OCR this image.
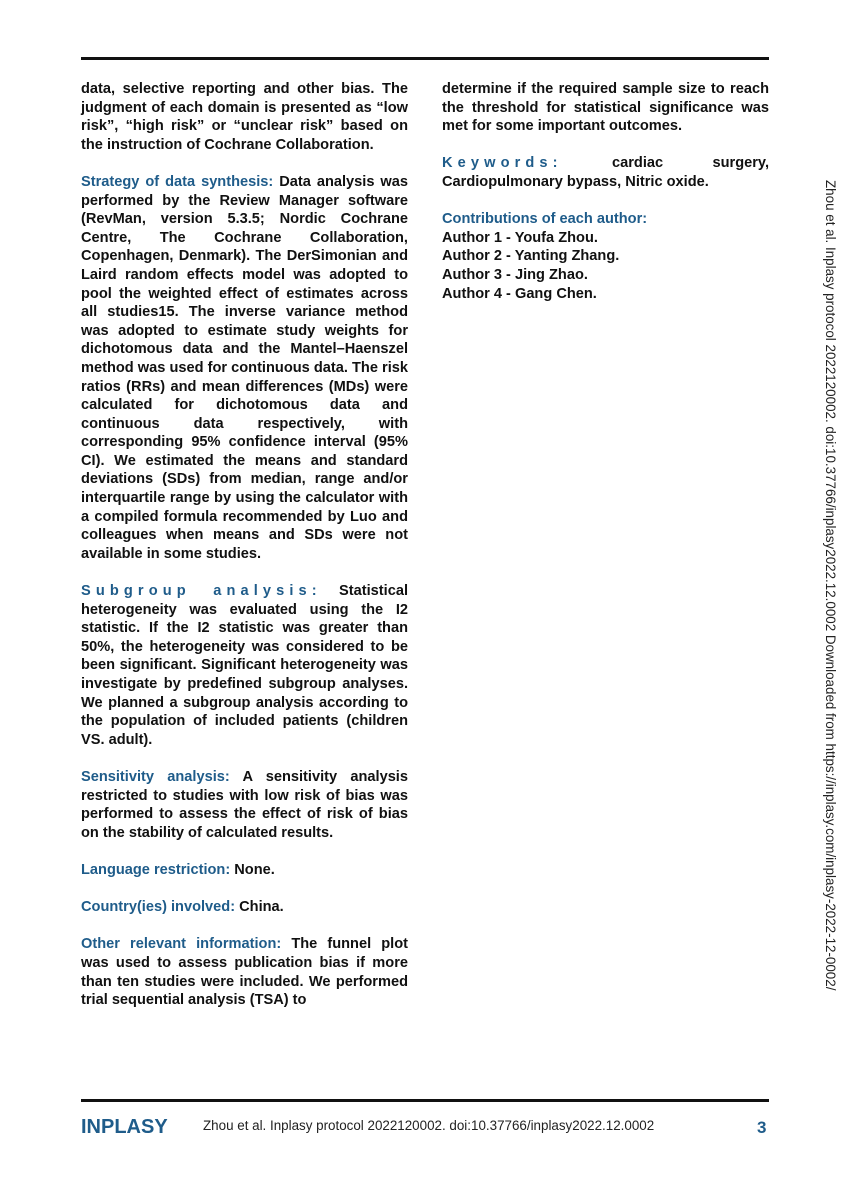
data, selective reporting and other bias. The judgment of each domain is presented as “low risk”, “high risk” or “unclear risk” based on the instruction of Cochrane Collaboration.

Strategy of data synthesis: Data analysis was performed by the Review Manager software (RevMan, version 5.3.5; Nordic Cochrane Centre, The Cochrane Collaboration, Copenhagen, Denmark). The DerSimonian and Laird random effects model was adopted to pool the weighted effect of estimates across all studies15. The inverse variance method was adopted to estimate study weights for dichotomous data and the Mantel–Haenszel method was used for continuous data. The risk ratios (RRs) and mean differences (MDs) were calculated for dichotomous data and continuous data respectively, with corresponding 95% confidence interval (95% CI). We estimated the means and standard deviations (SDs) from median, range and/or interquartile range by using the calculator with a compiled formula recommended by Luo and colleagues when means and SDs were not available in some studies.

Subgroup analysis: Statistical heterogeneity was evaluated using the I2 statistic. If the I2 statistic was greater than 50%, the heterogeneity was considered to be been significant. Significant heterogeneity was investigate by predefined subgroup analyses. We planned a subgroup analysis according to the population of included patients (children VS. adult).

Sensitivity analysis: A sensitivity analysis restricted to studies with low risk of bias was performed to assess the effect of risk of bias on the stability of calculated results.

Language restriction: None.

Country(ies) involved: China.

Other relevant information: The funnel plot was used to assess publication bias if more than ten studies were included. We performed trial sequential analysis (TSA) to

determine if the required sample size to reach the threshold for statistical significance was met for some important outcomes.

Keywords: cardiac surgery, Cardiopulmonary bypass, Nitric oxide.

Contributions of each author:
Author 1 - Youfa Zhou.
Author 2 - Yanting Zhang.
Author 3 - Jing Zhao.
Author 4 - Gang Chen.	Zhou et al. Inplasy protocol 2022120002. doi:10.37766/inplasy2022.12.0002 Downloaded from https://inplasy.com/inplasy-2022-12-0002/
INPLASY	Zhou et al. Inplasy protocol 2022120002. doi:10.37766/inplasy2022.12.0002	3
